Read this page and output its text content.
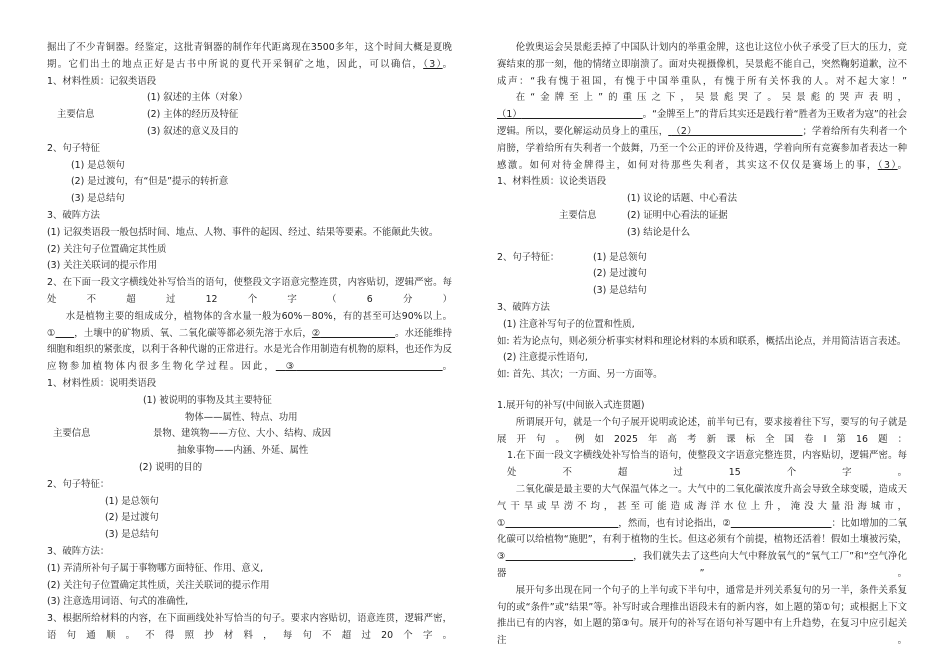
掘出了不少青铜器。经鉴定，这批青铜器的制作年代距离现在3500多年，这个时间大概是夏晚期。它们出土的地点正好是古书中所说的夏代开采铜矿之地，因此，可以确信，（3）。
1、材料性质：记叙类语段
(1) 叙述的主体（对象）
主要信息	(2) 主体的经历及特征
(3) 叙述的意义及目的
2、句子特征
(1) 是总领句
(2) 是过渡句，有“但是”提示的转折意
(3) 是总结句
3、破阵方法
(1) 记叙类语段一般包括时间、地点、人物、事件的起因、经过、结果等要素。不能颠此失彼。
(2) 关注句子位置确定其性质
(3) 关注关联词的提示作用
2、在下面一段文字横线处补写恰当的语句，使整段文字语意完整连贯，内容贴切，逻辑严密。每处不超过12个字（6分）
水是植物主要的组成成分，植物体的含水量一般为60%－80%，有的甚至可达90%以上。 ① ，土壤中的矿物质、氧、二氧化碳等都必须先溶于水后，②	。水还能维持细胞和组织的紧张度，以利于各种代谢的正常进行。水是光合作用制造有机物的原料，也还作为反应物参加植物体内很多生物化学过程。因此， ③	。
1、材料性质：说明类语段
(1) 被说明的事物及其主要特征
物体——属性、特点、功用
主要信息	景物、建筑物——方位、大小、结构、成因
抽象事物——内涵、外延、属性
(2) 说明的目的
2、句子特征：
(1) 是总领句
(2) 是过渡句
(3) 是总结句
3、破阵方法：
(1) 弄清所补句子属于事物哪方面特征、作用、意义,
(2) 关注句子位置确定其性质，关注关联词的提示作用
(3) 注意选用词语、句式的准确性,
3、根据所给材料的内容，在下面画线处补写恰当的句子。要求内容贴切，语意连贯，逻辑严密，语句通顺。不得照抄材料，每句不超过20个字。
伦敦奥运会吴景彪丢掉了中国队计划内的举重金牌，这也让这位小伙子承受了巨大的压力，竞赛结束的那一刻，他的情绪立即崩溃了。面对央视摄像机，吴景彪不能自己，突然鞠躬道歉，泣不成声：“我有愧于祖国，有愧于中国举重队，有愧于所有关怀我的人。对不起大家！”
在“金牌至上”的重压之下，吴景彪哭了。吴景彪的哭声表明，（1）	。“金牌至上”的背后其实还是践行着“胜者为王败者为寇”的社会逻辑。所以，要化解运动员身上的重压， （2）	；学着给所有失利者一个肩膀，学着给所有失利者一个鼓舞，乃至一个公正的评价及待遇，学着向所有竞赛参加者表达一种感激。如何对待金牌得主，如何对待那些失利者，其实这不仅仅是赛场上的事，（3）。
1、材料性质：议论类语段
(1) 议论的话题、中心看法
主要信息	(2) 证明中心看法的证据
(3) 结论是什么
2、句子特征：	(1) 是总领句
(2) 是过渡句
(3) 是总结句
3、破阵方法
(1) 注意补写句子的位置和性质,
如: 若为论点句，则必须分析事实材料和理论材料的本质和联系，概括出论点，并用简洁语言表述。
(2) 注意提示性语句,
如: 首先、其次；一方面、另一方面等。
1.展开句的补写(中间嵌入式连贯题)
所谓展开句，就是一个句子展开说明或论述，前半句已有，要求接着往下写，要写的句子就是展开句。例如2025年高考新课标全国卷Ⅰ第16题：
1.在下面一段文字横线处补写恰当的语句，使整段文字语意完整连贯，内容贴切，逻辑严密。每处不超过15个字。
二氧化碳是最主要的大气保温气体之一。大气中的二氧化碳浓度升高会导致全球变暖，造成天气干旱或旱涝不均，甚至可能造成海洋水位上升，淹没大量沿海城市，①	，然而，也有讨论指出，②	：比如增加的二氧化碳可以给植物“施肥”，有利于植物的生长。但这必须有个前提，植物还活着！假如土壤被污染，③	，我们就失去了这些向大气中释放氧气的“氧气工厂”和“空气净化器”。
展开句多出现在同一个句子的上半句或下半句中，通常是并列关系复句的另一半，条件关系复句的或“条件”或“结果”等。补写时或合理推出语段未有的新内容，如上题的第①句；或根据上下文推出已有的内容，如上题的第③句。展开句的补写在语句补写题中有上升趋势，在复习中应引起关注。
